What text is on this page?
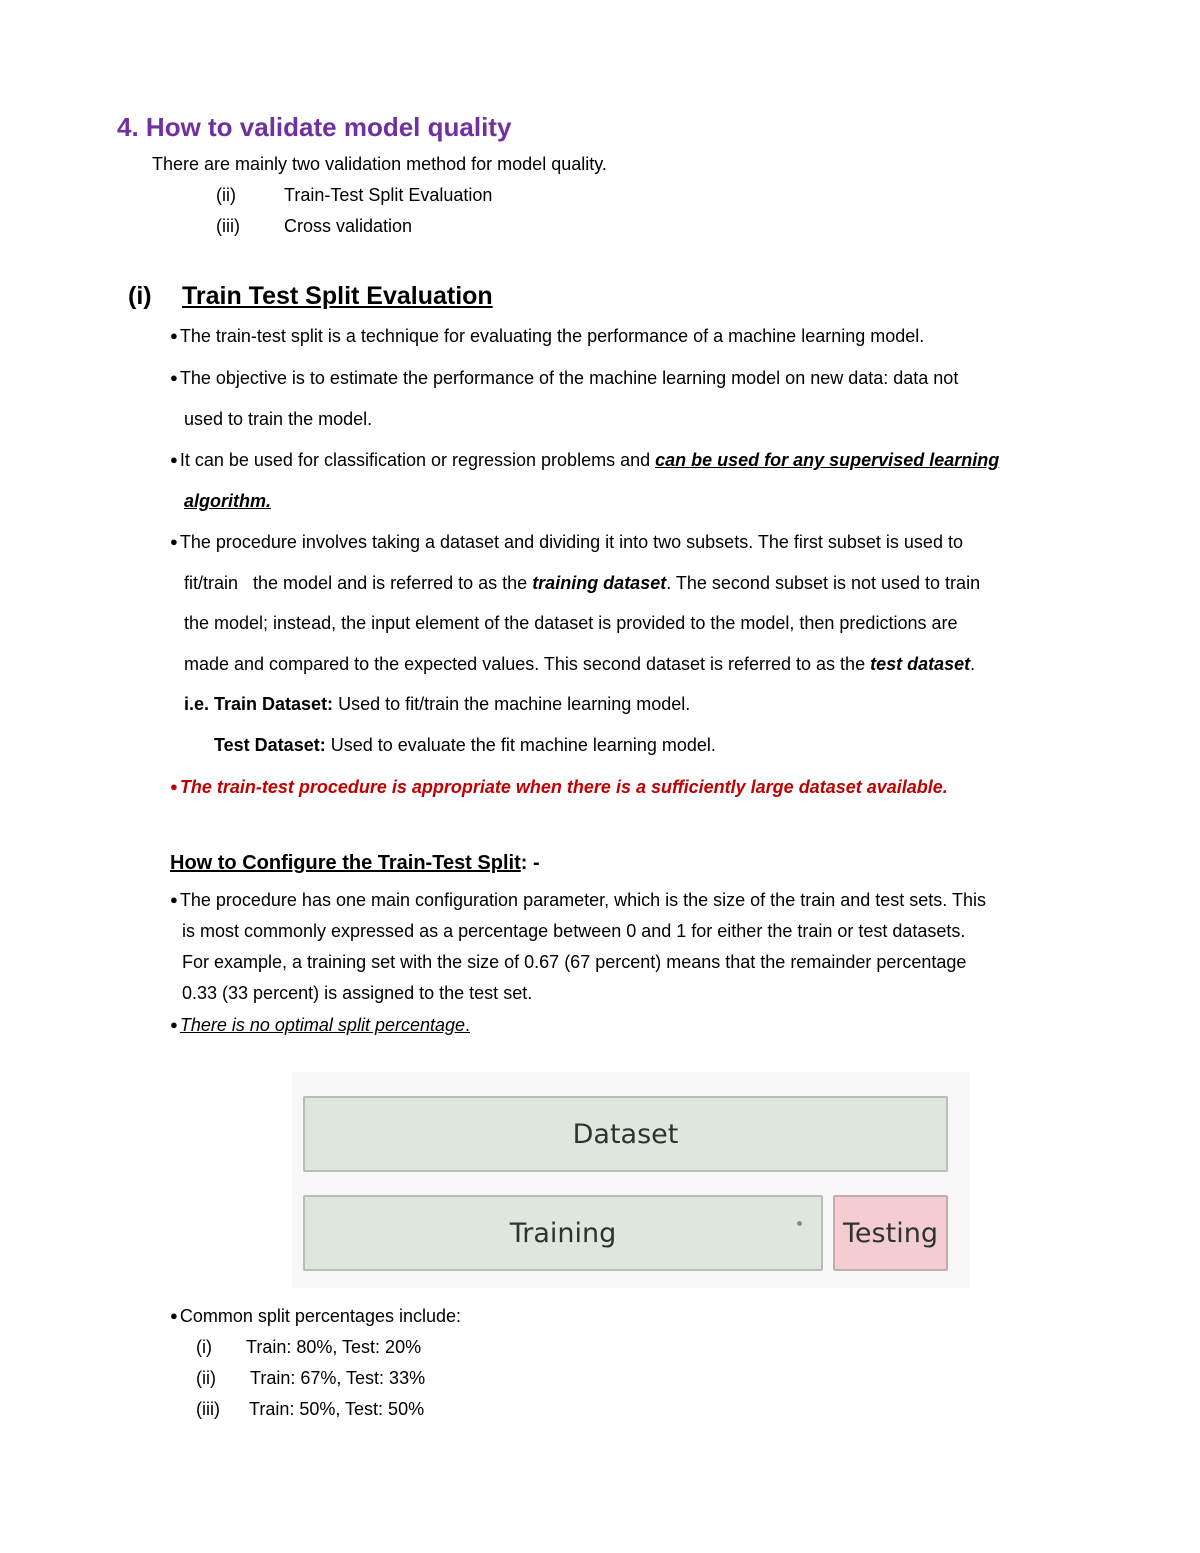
4. How to validate model quality
There are mainly two validation method for model quality.
(ii)	Train-Test Split Evaluation
(iii) Cross validation
(i) Train Test Split Evaluation
● The train-test split is a technique for evaluating the performance of a machine learning model.
● The objective is to estimate the performance of the machine learning model on new data: data not
used to train the model.
● It can be used for classification or regression problems and can be used for any supervised learning
algorithm.
● The procedure involves taking a dataset and dividing it into two subsets. The first subset is used to
fit/train   the model and is referred to as the training dataset. The second subset is not used to train
the model; instead, the input element of the dataset is provided to the model, then predictions are
made and compared to the expected values. This second dataset is referred to as the test dataset.
i.e. Train Dataset: Used to fit/train the machine learning model.
Test Dataset: Used to evaluate the fit machine learning model.
● The train-test procedure is appropriate when there is a sufficiently large dataset available.
How to Configure the Train-Test Split: -
● The procedure has one main configuration parameter, which is the size of the train and test sets. This
is most commonly expressed as a percentage between 0 and 1 for either the train or test datasets.
For example, a training set with the size of 0.67 (67 percent) means that the remainder percentage
0.33 (33 percent) is assigned to the test set.
● There is no optimal split percentage.
Dataset
Training	Testing
● Common split percentages include:
(i) Train: 80%, Test: 20%
(ii) Train: 67%, Test: 33%
(iii) Train: 50%, Test: 50%
